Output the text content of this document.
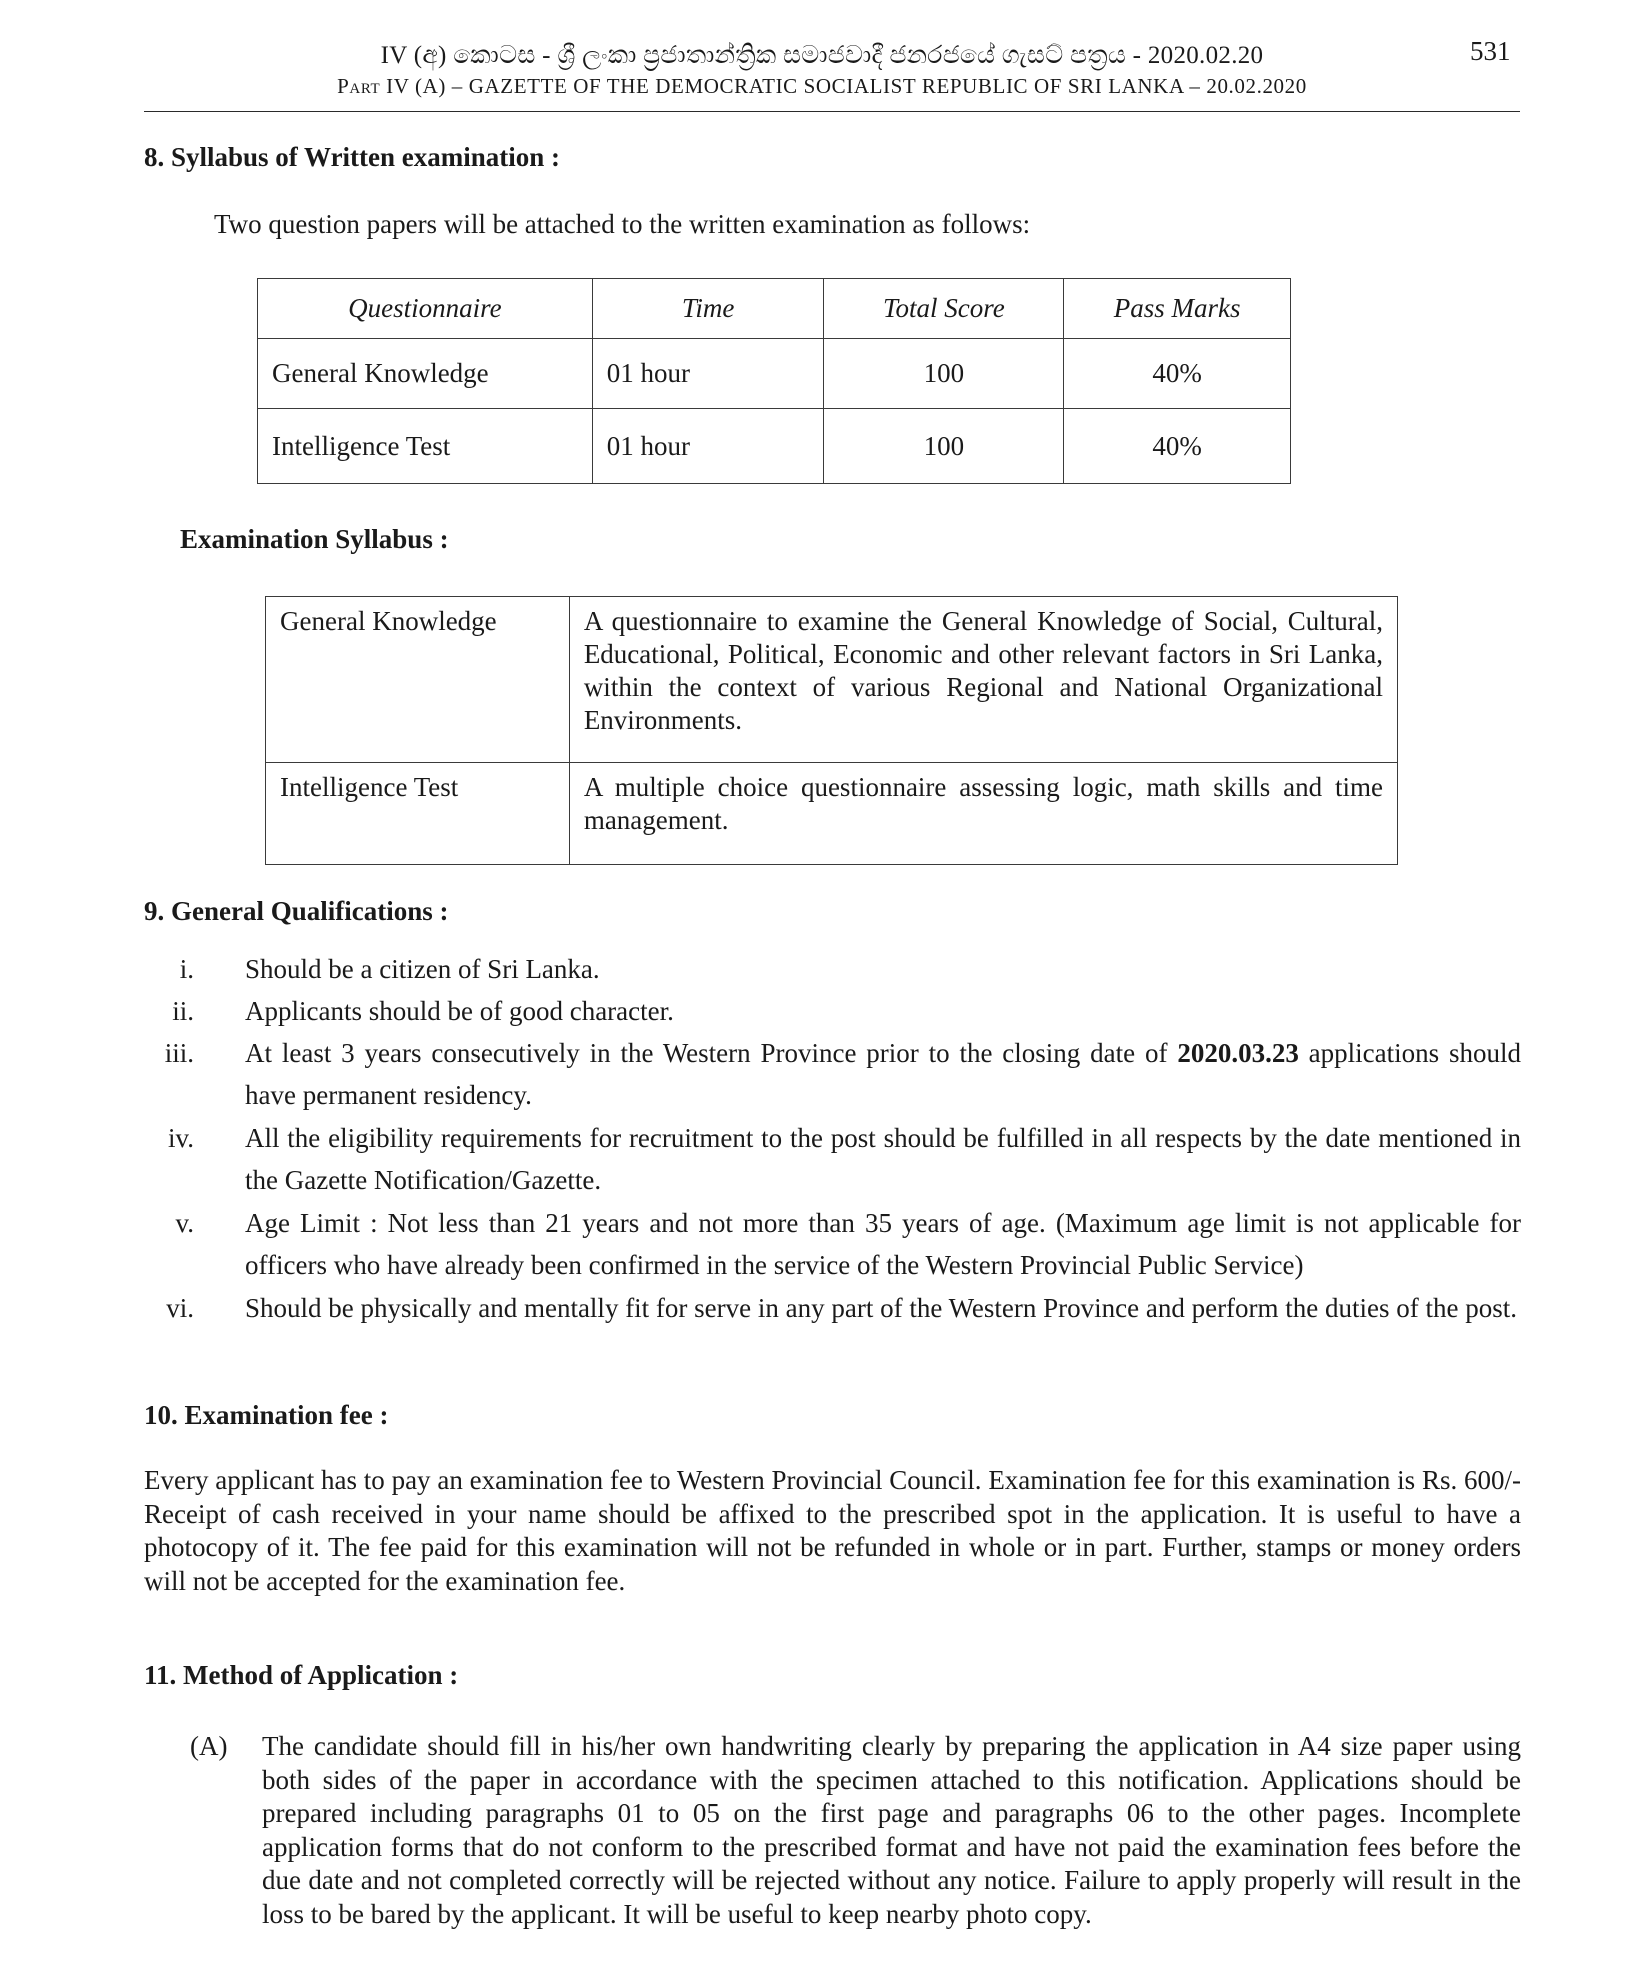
IV (අ) කොටස - ශ්‍රී ලංකා ප්‍රජාතාන්ත්‍රික සමාජවාදී ජනරජයේ ගැසට් පත්‍රය - 2020.02.20
Part IV (A) – GAZETTE OF THE DEMOCRATIC SOCIALIST REPUBLIC OF SRI LANKA – 20.02.2020
531
8. Syllabus of Written examination :
Two question papers will be attached to the written examination as follows:
Questionnaire	Time	Total Score	Pass Marks
General Knowledge	01 hour	100	40%
Intelligence Test	01 hour	100	40%
Examination Syllabus :
General Knowledge	A questionnaire to examine the General Knowledge of Social, Cultural, Educational, Political, Economic and other relevant factors in Sri Lanka, within the context of various Regional and National Organizational Environments.
Intelligence Test	A multiple choice questionnaire assessing logic, math skills and time management.
9. General Qualifications :
i. Should be a citizen of Sri Lanka.
ii. Applicants should be of good character.
iii. At least 3 years consecutively in the Western Province prior to the closing date of 2020.03.23 applications should have permanent residency.
iv. All the eligibility requirements for recruitment to the post should be fulfilled in all respects by the date mentioned in the Gazette Notification/Gazette.
v. Age Limit : Not less than 21 years and not more than 35 years of age. (Maximum age limit is not applicable for officers who have already been confirmed in the service of the Western Provincial Public Service)
vi. Should be physically and mentally fit for serve in any part of the Western Province and perform the duties of the post.
10. Examination fee :
Every applicant has to pay an examination fee to Western Provincial Council. Examination fee for this examination is Rs. 600/- Receipt of cash received in your name should be affixed to the prescribed spot in the application. It is useful to have a photocopy of it. The fee paid for this examination will not be refunded in whole or in part. Further, stamps or money orders will not be accepted for the examination fee.
11. Method of Application :
(A) The candidate should fill in his/her own handwriting clearly by preparing the application in A4 size paper using both sides of the paper in accordance with the specimen attached to this notification. Applications should be prepared including paragraphs 01 to 05 on the first page and paragraphs 06 to the other pages. Incomplete application forms that do not conform to the prescribed format and have not paid the examination fees before the due date and not completed correctly will be rejected without any notice. Failure to apply properly will result in the loss to be bared by the applicant. It will be useful to keep nearby photo copy.
